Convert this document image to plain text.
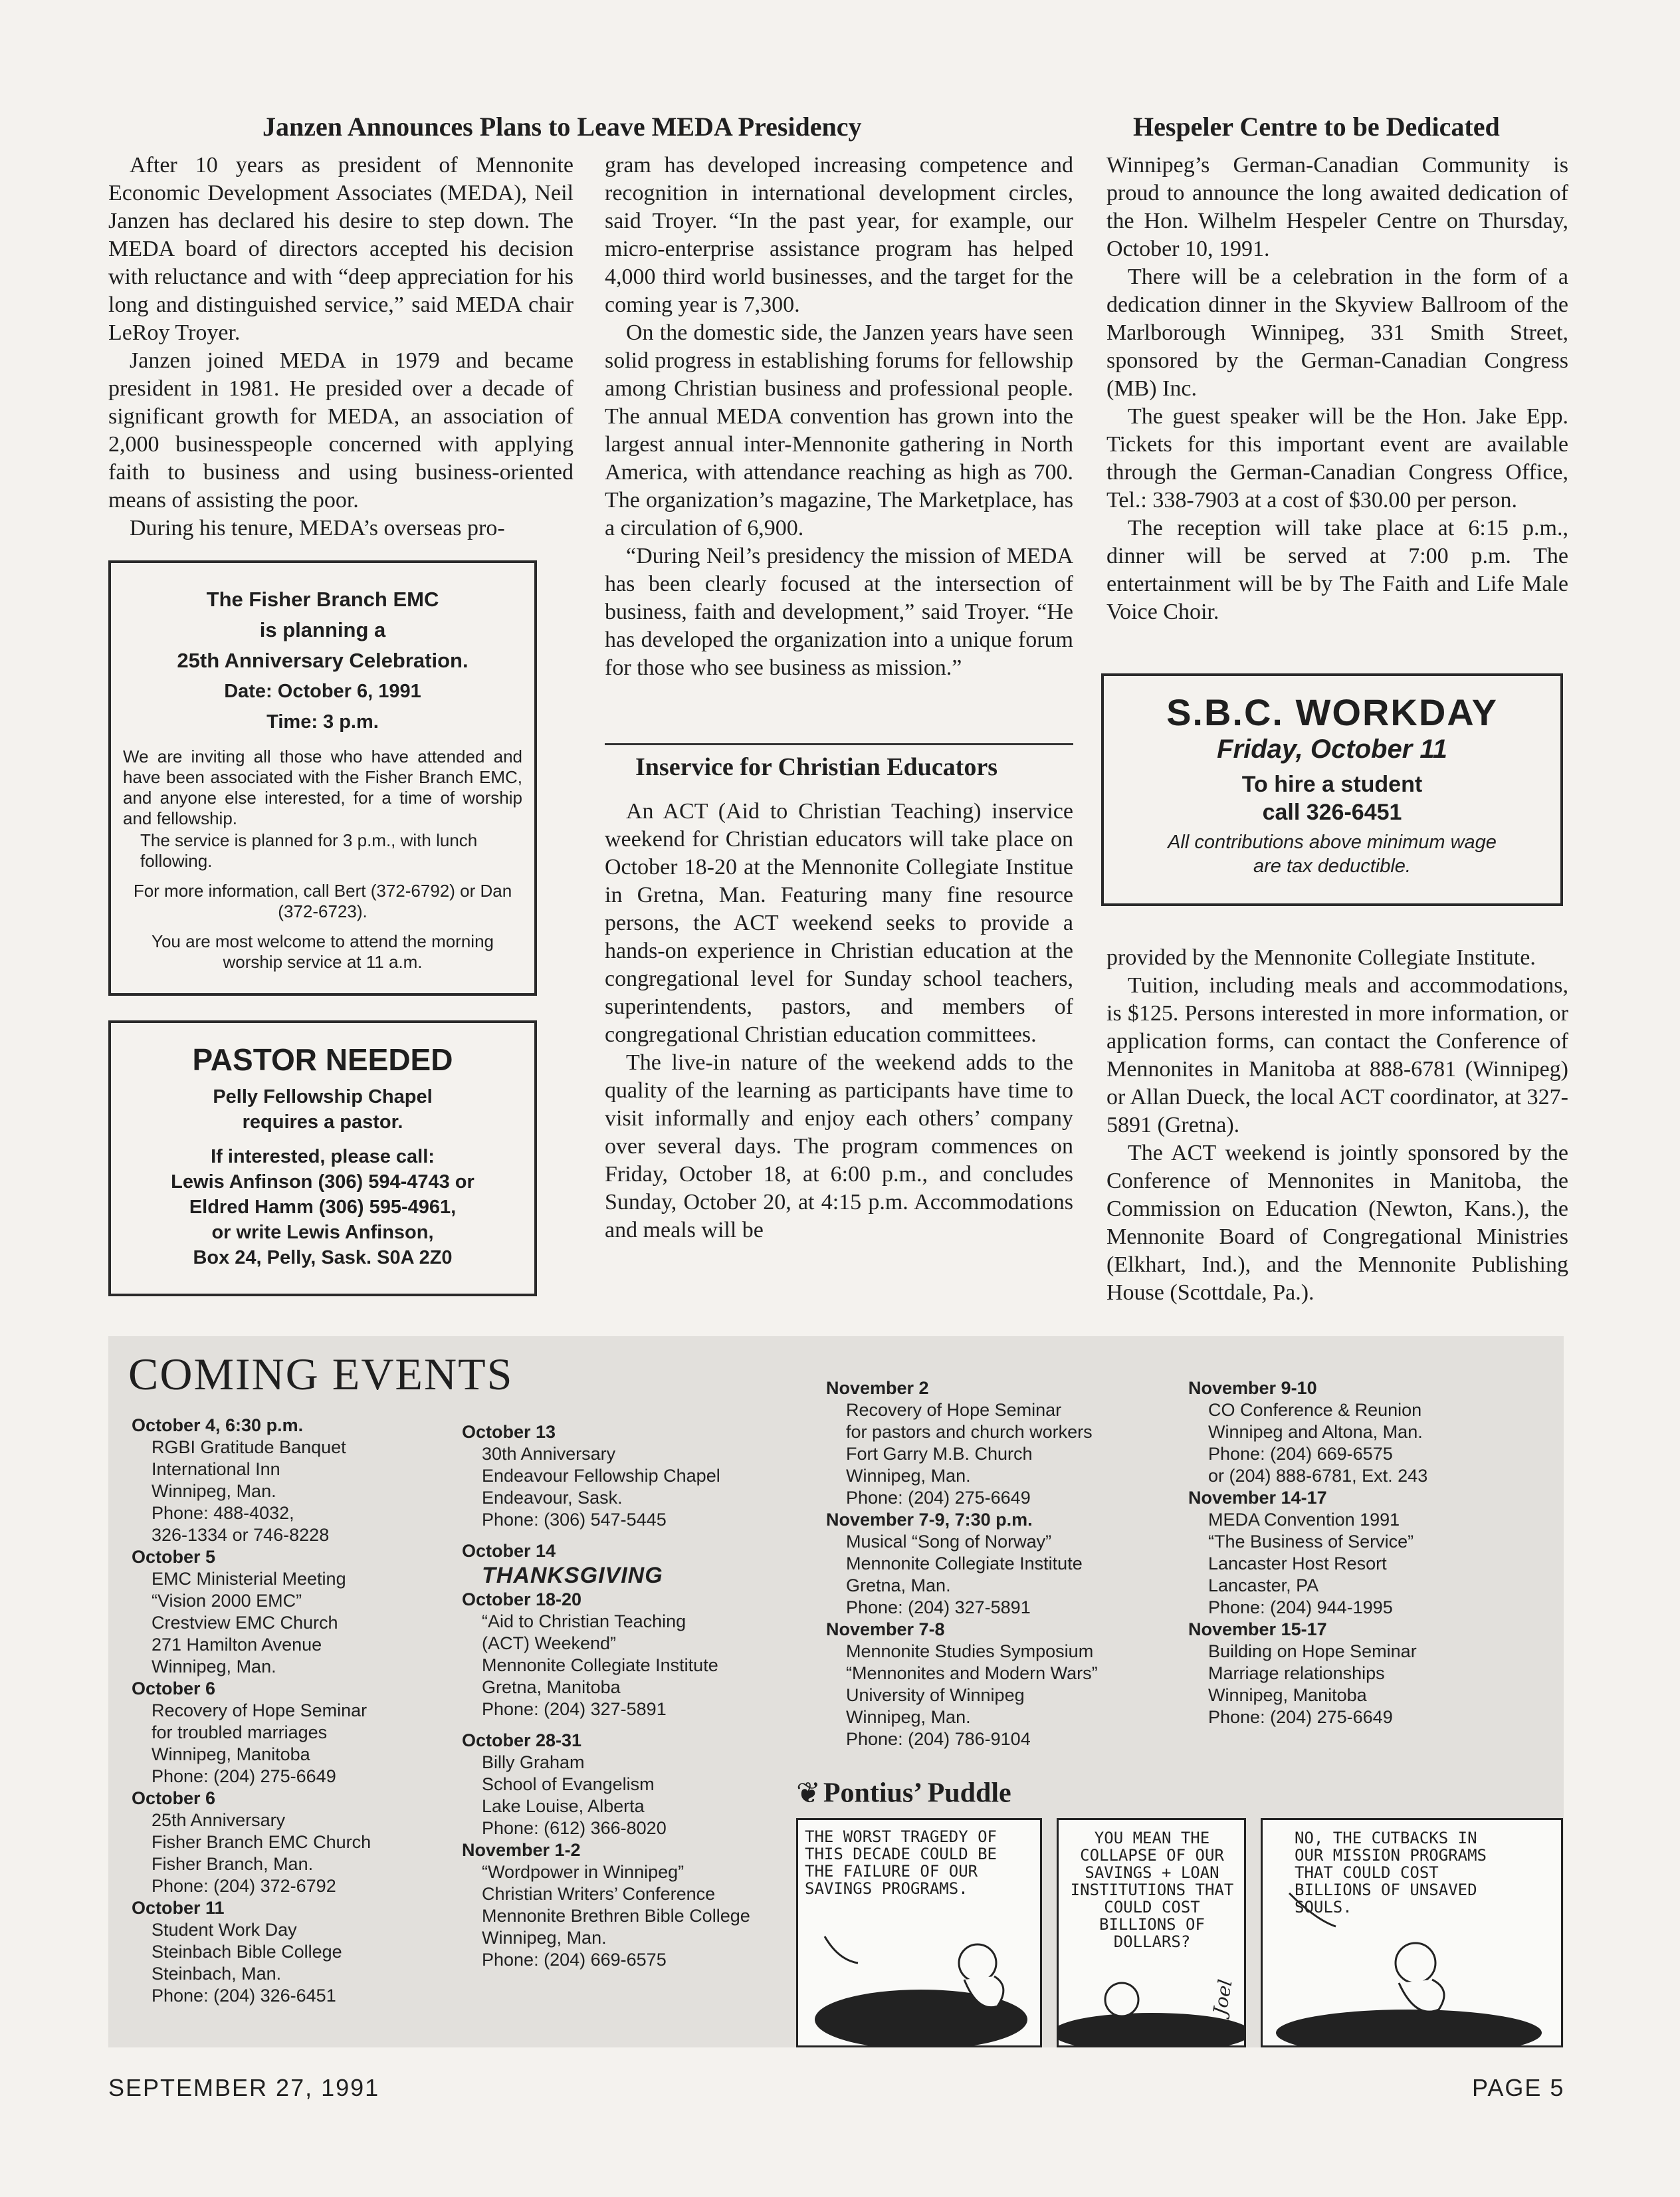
Janzen Announces Plans to Leave MEDA Presidency

After 10 years as president of Mennonite Economic Development Associates (MEDA), Neil Janzen has declared his desire to step down. The MEDA board of directors accepted his decision with reluctance and with “deep appreciation for his long and distinguished service,” said MEDA chair LeRoy Troyer.

Janzen joined MEDA in 1979 and became president in 1981. He presided over a decade of significant growth for MEDA, an association of 2,000 businesspeople concerned with applying faith to business and using business-oriented means of assisting the poor.

During his tenure, MEDA’s overseas pro-

gram has developed increasing competence and recognition in international development circles, said Troyer. “In the past year, for example, our micro-enterprise assistance program has helped 4,000 third world businesses, and the target for the coming year is 7,300.

On the domestic side, the Janzen years have seen solid progress in establishing forums for fellowship among Christian business and professional people. The annual MEDA convention has grown into the largest annual inter-Mennonite gathering in North America, with attendance reaching as high as 700. The organization’s magazine, The Marketplace, has a circulation of 6,900.

“During Neil’s presidency the mission of MEDA has been clearly focused at the intersection of business, faith and development,” said Troyer. “He has developed the organization into a unique forum for those who see business as mission.”

Inservice for Christian Educators

An ACT (Aid to Christian Teaching) inservice weekend for Christian educators will take place on October 18-20 at the Mennonite Collegiate Institue in Gretna, Man. Featuring many fine resource persons, the ACT weekend seeks to provide a hands-on experience in Christian education at the congregational level for Sunday school teachers, superintendents, pastors, and members of congregational Christian education committees.

The live-in nature of the weekend adds to the quality of the learning as participants have time to visit informally and enjoy each others’ company over several days. The program commences on Friday, October 18, at 6:00 p.m., and concludes Sunday, October 20, at 4:15 p.m. Accommodations and meals will be

Hespeler Centre to be Dedicated

Winnipeg’s German-Canadian Community is proud to announce the long awaited dedication of the Hon. Wilhelm Hespeler Centre on Thursday, October 10, 1991.

There will be a celebration in the form of a dedication dinner in the Skyview Ballroom of the Marlborough Winnipeg, 331 Smith Street, sponsored by the German-Canadian Congress (MB) Inc.

The guest speaker will be the Hon. Jake Epp. Tickets for this important event are available through the German-Canadian Congress Office, Tel.: 338-7903 at a cost of $30.00 per person.

The reception will take place at 6:15 p.m., dinner will be served at 7:00 p.m. The entertainment will be by The Faith and Life Male Voice Choir.

provided by the Mennonite Collegiate Institute.

Tuition, including meals and accommodations, is $125. Persons interested in more information, or application forms, can contact the Conference of Mennonites in Manitoba at 888-6781 (Winnipeg) or Allan Dueck, the local ACT coordinator, at 327-5891 (Gretna).

The ACT weekend is jointly sponsored by the Conference of Mennonites in Manitoba, the Commission on Education (Newton, Kans.), the Mennonite Board of Congregational Ministries (Elkhart, Ind.), and the Mennonite Publishing House (Scottdale, Pa.).

The Fisher Branch EMC
is planning a
25th Anniversary Celebration.
Date: October 6, 1991
Time: 3 p.m.
We are inviting all those who have attended and have been associated with the Fisher Branch EMC, and anyone else interested, for a time of worship and fellowship.
The service is planned for 3 p.m., with lunch following.
For more information, call Bert (372-6792) or Dan (372-6723).
You are most welcome to attend the morning worship service at 11 a.m.
PASTOR NEEDED
Pelly Fellowship Chapel
requires a pastor.
If interested, please call:
Lewis Anfinson (306) 594-4743 or
Eldred Hamm (306) 595-4961,
or write Lewis Anfinson,
Box 24, Pelly, Sask. S0A 2Z0
S.B.C. WORKDAY
Friday, October 11
To hire a student
call 326-6451
All contributions above minimum wage
are tax deductible.
COMING EVENTS
October 4, 6:30 p.m.
RGBI Gratitude Banquet
International Inn
Winnipeg, Man.
Phone: 488-4032,
326-1334 or 746-8228
October 5
EMC Ministerial Meeting
“Vision 2000 EMC”
Crestview EMC Church
271 Hamilton Avenue
Winnipeg, Man.
October 6
Recovery of Hope Seminar
for troubled marriages
Winnipeg, Manitoba
Phone: (204) 275-6649
October 6
25th Anniversary
Fisher Branch EMC Church
Fisher Branch, Man.
Phone: (204) 372-6792
October 11
Student Work Day
Steinbach Bible College
Steinbach, Man.
Phone: (204) 326-6451
October 13
30th Anniversary
Endeavour Fellowship Chapel
Endeavour, Sask.
Phone: (306) 547-5445
October 14
THANKSGIVING
October 18-20
“Aid to Christian Teaching
(ACT) Weekend”
Mennonite Collegiate Institute
Gretna, Manitoba
Phone: (204) 327-5891
October 28-31
Billy Graham
School of Evangelism
Lake Louise, Alberta
Phone: (612) 366-8020
November 1-2
“Wordpower in Winnipeg”
Christian Writers’ Conference
Mennonite Brethren Bible College
Winnipeg, Man.
Phone: (204) 669-6575
November 2
Recovery of Hope Seminar
for pastors and church workers
Fort Garry M.B. Church
Winnipeg, Man.
Phone: (204) 275-6649
November 7-9, 7:30 p.m.
Musical “Song of Norway”
Mennonite Collegiate Institute
Gretna, Man.
Phone: (204) 327-5891
November 7-8
Mennonite Studies Symposium
“Mennonites and Modern Wars”
University of Winnipeg
Winnipeg, Man.
Phone: (204) 786-9104
November 9-10
CO Conference & Reunion
Winnipeg and Altona, Man.
Phone: (204) 669-6575
or (204) 888-6781, Ext. 243
November 14-17
MEDA Convention 1991
“The Business of Service”
Lancaster Host Resort
Lancaster, PA
Phone: (204) 944-1995
November 15-17
Building on Hope Seminar
Marriage relationships
Winnipeg, Manitoba
Phone: (204) 275-6649
❦ Pontius’ Puddle
THE WORST TRAGEDY OF THIS DECADE COULD BE THE FAILURE OF OUR SAVINGS PROGRAMS.
YOU MEAN THE COLLAPSE OF OUR SAVINGS + LOAN INSTITUTIONS THAT COULD COST BILLIONS OF DOLLARS?
Joel
NO, THE CUTBACKS IN OUR MISSION PROGRAMS THAT COULD COST BILLIONS OF UNSAVED SOULS.
SEPTEMBER 27, 1991	PAGE 5
